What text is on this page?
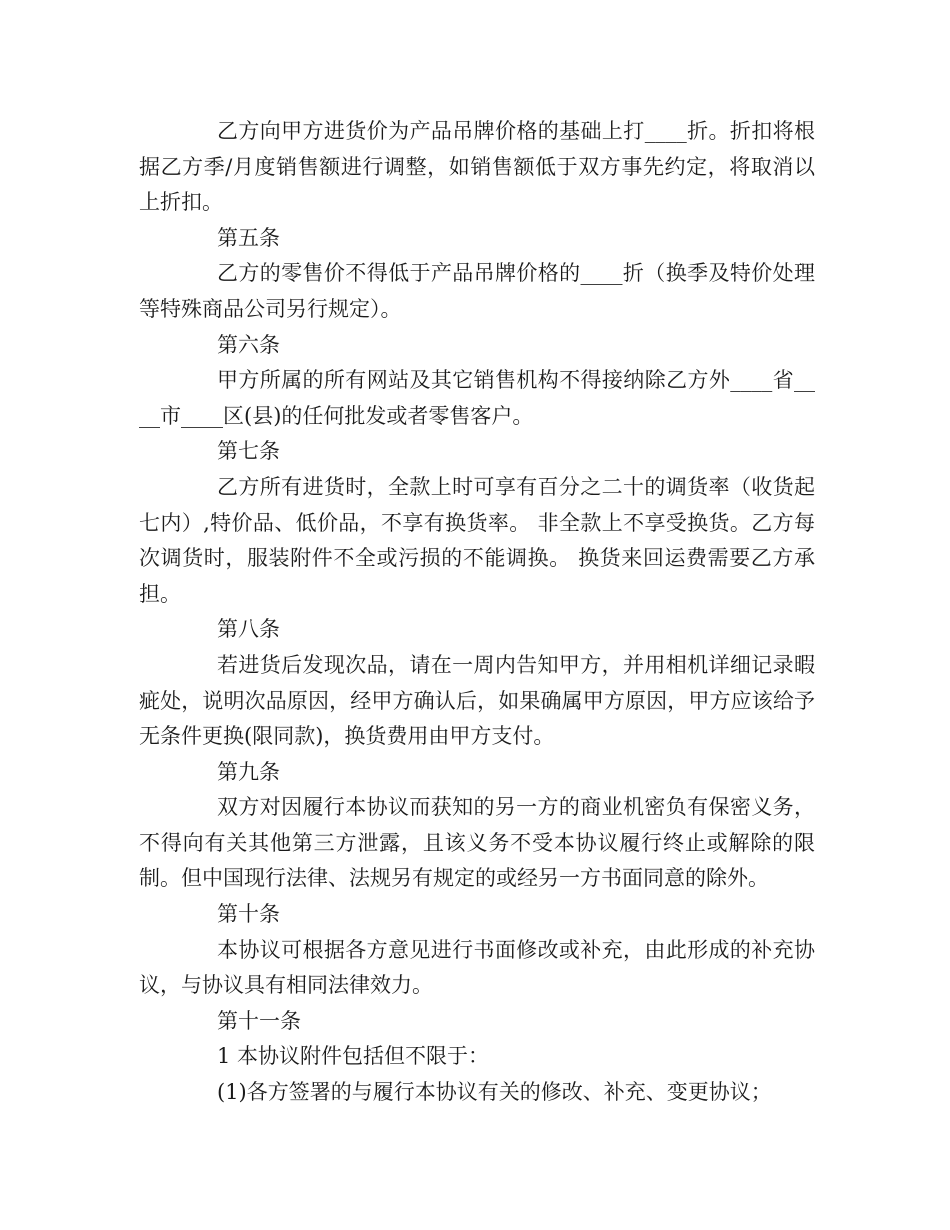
乙方向甲方进货价为产品吊牌价格的基础上打____折。折扣将根据乙方季/月度销售额进行调整，如销售额低于双方事先约定，将取消以上折扣。

第五条

乙方的零售价不得低于产品吊牌价格的____折（换季及特价处理等特殊商品公司另行规定）。

第六条

甲方所属的所有网站及其它销售机构不得接纳除乙方外____省____市____区(县)的任何批发或者零售客户。

第七条

乙方所有进货时，全款上时可享有百分之二十的调货率（收货起七内）,特价品、低价品，不享有换货率。 非全款上不享受换货。乙方每次调货时，服装附件不全或污损的不能调换。 换货来回运费需要乙方承担。

第八条

若进货后发现次品，请在一周内告知甲方，并用相机详细记录暇疵处，说明次品原因，经甲方确认后，如果确属甲方原因，甲方应该给予无条件更换(限同款)，换货费用由甲方支付。

第九条

双方对因履行本协议而获知的另一方的商业机密负有保密义务，不得向有关其他第三方泄露，且该义务不受本协议履行终止或解除的限制。但中国现行法律、法规另有规定的或经另一方书面同意的除外。

第十条

本协议可根据各方意见进行书面修改或补充，由此形成的补充协议，与协议具有相同法律效力。

第十一条

1 本协议附件包括但不限于：

(1)各方签署的与履行本协议有关的修改、补充、变更协议；
